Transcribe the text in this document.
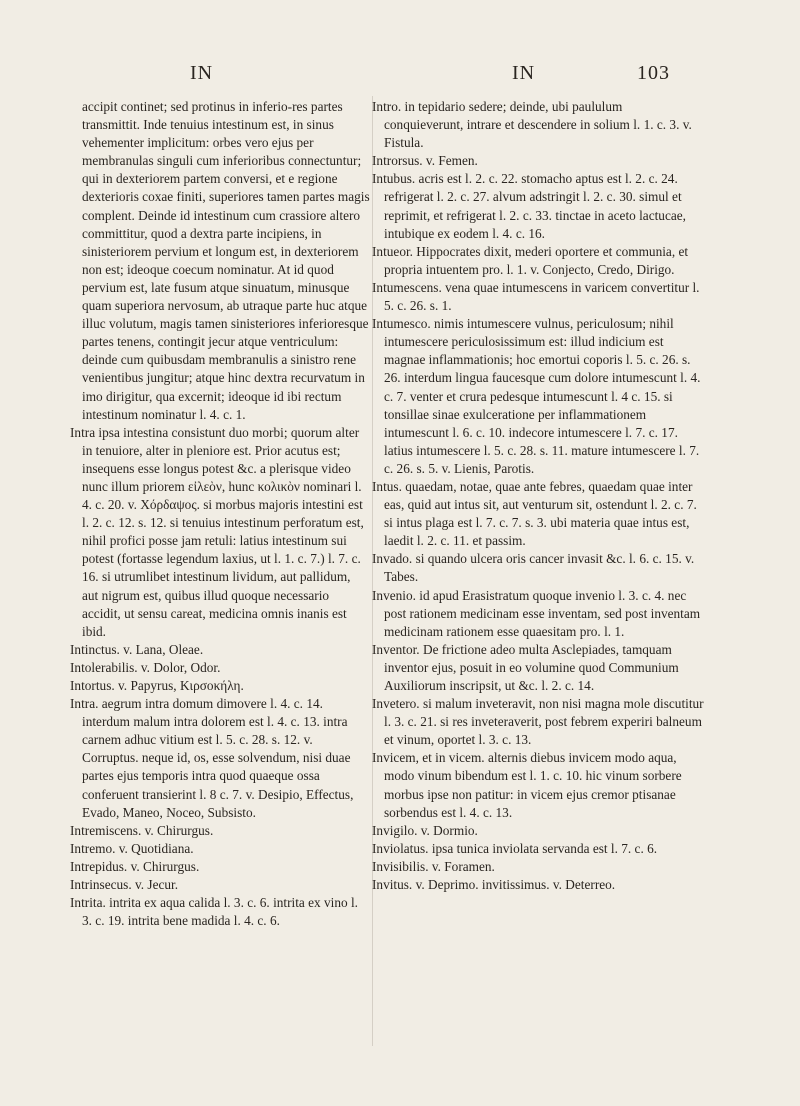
IN	IN	103

accipit continet; sed protinus in inferio-res partes transmittit. Inde tenuius intestinum est, in sinus vehementer implicitum: orbes vero ejus per membranulas singuli cum inferioribus connectuntur; qui in dexteriorem partem conversi, et e regione dexterioris coxae finiti, superiores tamen partes magis complent. Deinde id intestinum cum crassiore altero committitur, quod a dextra parte incipiens, in sinisteriorem pervium et longum est, in dexteriorem non est; ideoque coecum nominatur. At id quod pervium est, late fusum atque sinuatum, minusque quam superiora nervosum, ab utraque parte huc atque illuc volutum, magis tamen sinisteriores inferioresque partes tenens, contingit jecur atque ventriculum: deinde cum quibusdam membranulis a sinistro rene venientibus jungitur; atque hinc dextra recurvatum in imo dirigitur, qua excernit; ideoque id ibi rectum intestinum nominatur l. 4. c. 1.

Intra ipsa intestina consistunt duo morbi; quorum alter in tenuiore, alter in pleniore est. Prior acutus est; insequens esse longus potest &c. a plerisque video nunc illum priorem εἰλεὸν, hunc κολικὸν nominari l. 4. c. 20. v. Χόρδαψος. si morbus majoris intestini est l. 2. c. 12. s. 12. si tenuius intestinum perforatum est, nihil profici posse jam retuli: latius intestinum sui potest (fortasse legendum laxius, ut l. 1. c. 7.) l. 7. c. 16. si utrumlibet intestinum lividum, aut pallidum, aut nigrum est, quibus illud quoque necessario accidit, ut sensu careat, medicina omnis inanis est ibid.

Intinctus. v. Lana, Oleae.

Intolerabilis. v. Dolor, Odor.

Intortus. v. Papyrus, Κιρσοκήλη.

Intra. aegrum intra domum dimovere l. 4. c. 14. interdum malum intra dolorem est l. 4. c. 13. intra carnem adhuc vitium est l. 5. c. 28. s. 12. v. Corruptus. neque id, os, esse solvendum, nisi duae partes ejus temporis intra quod quaeque ossa conferuent transierint l. 8 c. 7. v. Desipio, Effectus, Evado, Maneo, Noceo, Subsisto.

Intremiscens. v. Chirurgus.

Intremo. v. Quotidiana.

Intrepidus. v. Chirurgus.

Intrinsecus. v. Jecur.

Intrita. intrita ex aqua calida l. 3. c. 6. intrita ex vino l. 3. c. 19. intrita bene madida l. 4. c. 6.

Intro. in tepidario sedere; deinde, ubi paululum conquieverunt, intrare et descendere in solium l. 1. c. 3. v. Fistula.

Introrsus. v. Femen.

Intubus. acris est l. 2. c. 22. stomacho aptus est l. 2. c. 24. refrigerat l. 2. c. 27. alvum adstringit l. 2. c. 30. simul et reprimit, et refrigerat l. 2. c. 33. tinctae in aceto lactucae, intubique ex eodem l. 4. c. 16.

Intueor. Hippocrates dixit, mederi oportere et communia, et propria intuentem pro. l. 1. v. Conjecto, Credo, Dirigo.

Intumescens. vena quae intumescens in varicem convertitur l. 5. c. 26. s. 1.

Intumesco. nimis intumescere vulnus, periculosum; nihil intumescere periculosissimum est: illud indicium est magnae inflammationis; hoc emortui coporis l. 5. c. 26. s. 26. interdum lingua faucesque cum dolore intumescunt l. 4. c. 7. venter et crura pedesque intumescunt l. 4 c. 15. si tonsillae sinae exulceratione per inflammationem intumescunt l. 6. c. 10. indecore intumescere l. 7. c. 17. latius intumescere l. 5. c. 28. s. 11. mature intumescere l. 7. c. 26. s. 5. v. Lienis, Parotis.

Intus. quaedam, notae, quae ante febres, quaedam quae inter eas, quid aut intus sit, aut venturum sit, ostendunt l. 2. c. 7. si intus plaga est l. 7. c. 7. s. 3. ubi materia quae intus est, laedit l. 2. c. 11. et passim.

Invado. si quando ulcera oris cancer invasit &c. l. 6. c. 15. v. Tabes.

Invenio. id apud Erasistratum quoque invenio l. 3. c. 4. nec post rationem medicinam esse inventam, sed post inventam medicinam rationem esse quaesitam pro. l. 1.

Inventor. De frictione adeo multa Asclepiades, tamquam inventor ejus, posuit in eo volumine quod Communium Auxiliorum inscripsit, ut &c. l. 2. c. 14.

Invetero. si malum inveteravit, non nisi magna mole discutitur l. 3. c. 21. si res inveteraverit, post febrem experiri balneum et vinum, oportet l. 3. c. 13.

Invicem, et in vicem. alternis diebus invicem modo aqua, modo vinum bibendum est l. 1. c. 10. hic vinum sorbere morbus ipse non patitur: in vicem ejus cremor ptisanae sorbendus est l. 4. c. 13.

Invigilo. v. Dormio.

Inviolatus. ipsa tunica inviolata servanda est l. 7. c. 6.

Invisibilis. v. Foramen.

Invitus. v. Deprimo. invitissimus. v. Deterreo.
